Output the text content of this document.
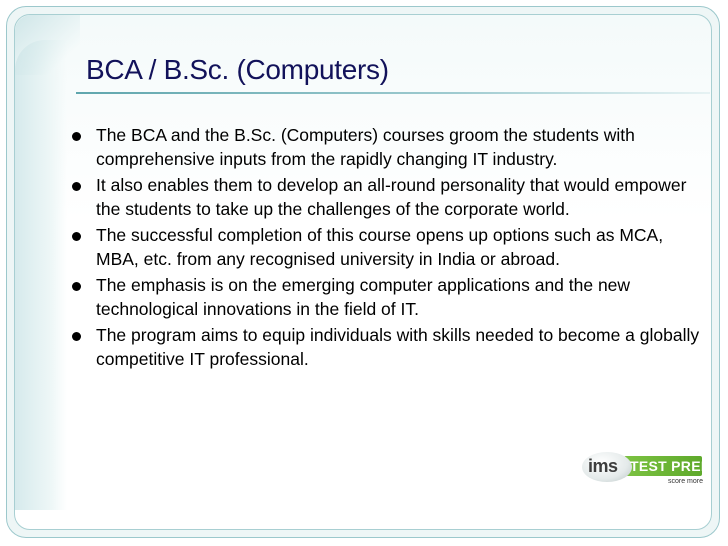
BCA / B.Sc. (Computers)
The BCA and the B.Sc. (Computers) courses groom the students with comprehensive inputs from the rapidly changing IT industry.
It also enables them to develop an all-round personality that would empower the students to take up the challenges of the corporate world.
The successful completion of this course opens up options such as MCA, MBA, etc. from any recognised university in India or abroad.
The emphasis is on the emerging computer applications and the new technological innovations in the field of IT.
The program aims to equip individuals with skills needed to become a globally competitive IT professional.
ims TEST PREP
score more
